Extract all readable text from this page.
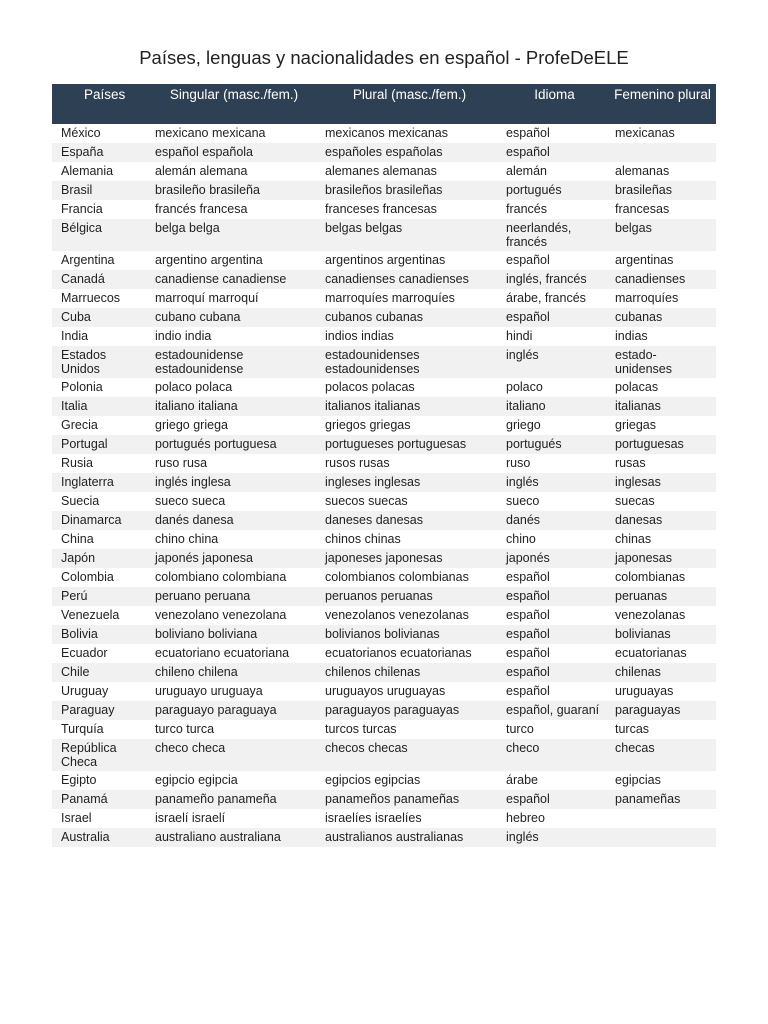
Países, lenguas y nacionalidades en español - ProfeDeELE
Países	Singular (masc./fem.)	Plural (masc./fem.)	Idioma	Femenino plural
México	mexicano mexicana	mexicanos mexicanas	español	mexicanas
España	español española	españoles españolas	español	
Alemania	alemán alemana	alemanes alemanas	alemán	alemanas
Brasil	brasileño brasileña	brasileños brasileñas	portugués	brasileñas
Francia	francés francesa	franceses francesas	francés	francesas
Bélgica	belga belga	belgas belgas	neerlandés, francés	belgas
Argentina	argentino argentina	argentinos argentinas	español	argentinas
Canadá	canadiense canadiense	canadienses canadienses	inglés, francés	canadienses
Marruecos	marroquí marroquí	marroquíes marroquíes	árabe, francés	marroquíes
Cuba	cubano cubana	cubanos cubanas	español	cubanas
India	indio india	indios indias	hindi	indias
Estados Unidos	estadounidense estadounidense	estadounidenses estadounidenses	inglés	estado-unidenses
Polonia	polaco polaca	polacos polacas	polaco	polacas
Italia	italiano italiana	italianos italianas	italiano	italianas
Grecia	griego griega	griegos griegas	griego	griegas
Portugal	portugués portuguesa	portugueses portuguesas	portugués	portuguesas
Rusia	ruso rusa	rusos rusas	ruso	rusas
Inglaterra	inglés inglesa	ingleses inglesas	inglés	inglesas
Suecia	sueco sueca	suecos suecas	sueco	suecas
Dinamarca	danés danesa	daneses danesas	danés	danesas
China	chino china	chinos chinas	chino	chinas
Japón	japonés japonesa	japoneses japonesas	japonés	japonesas
Colombia	colombiano colombiana	colombianos colombianas	español	colombianas
Perú	peruano peruana	peruanos peruanas	español	peruanas
Venezuela	venezolano venezolana	venezolanos venezolanas	español	venezolanas
Bolivia	boliviano boliviana	bolivianos bolivianas	español	bolivianas
Ecuador	ecuatoriano ecuatoriana	ecuatorianos ecuatorianas	español	ecuatorianas
Chile	chileno chilena	chilenos chilenas	español	chilenas
Uruguay	uruguayo uruguaya	uruguayos uruguayas	español	uruguayas
Paraguay	paraguayo paraguaya	paraguayos paraguayas	español, guaraní	paraguayas
Turquía	turco turca	turcos turcas	turco	turcas
República Checa	checo checa	checos checas	checo	checas
Egipto	egipcio egipcia	egipcios egipcias	árabe	egipcias
Panamá	panameño panameña	panameños panameñas	español	panameñas
Israel	israelí israelí	israelíes israelíes	hebreo	
Australia	australiano australiana	australianos australianas	inglés	
